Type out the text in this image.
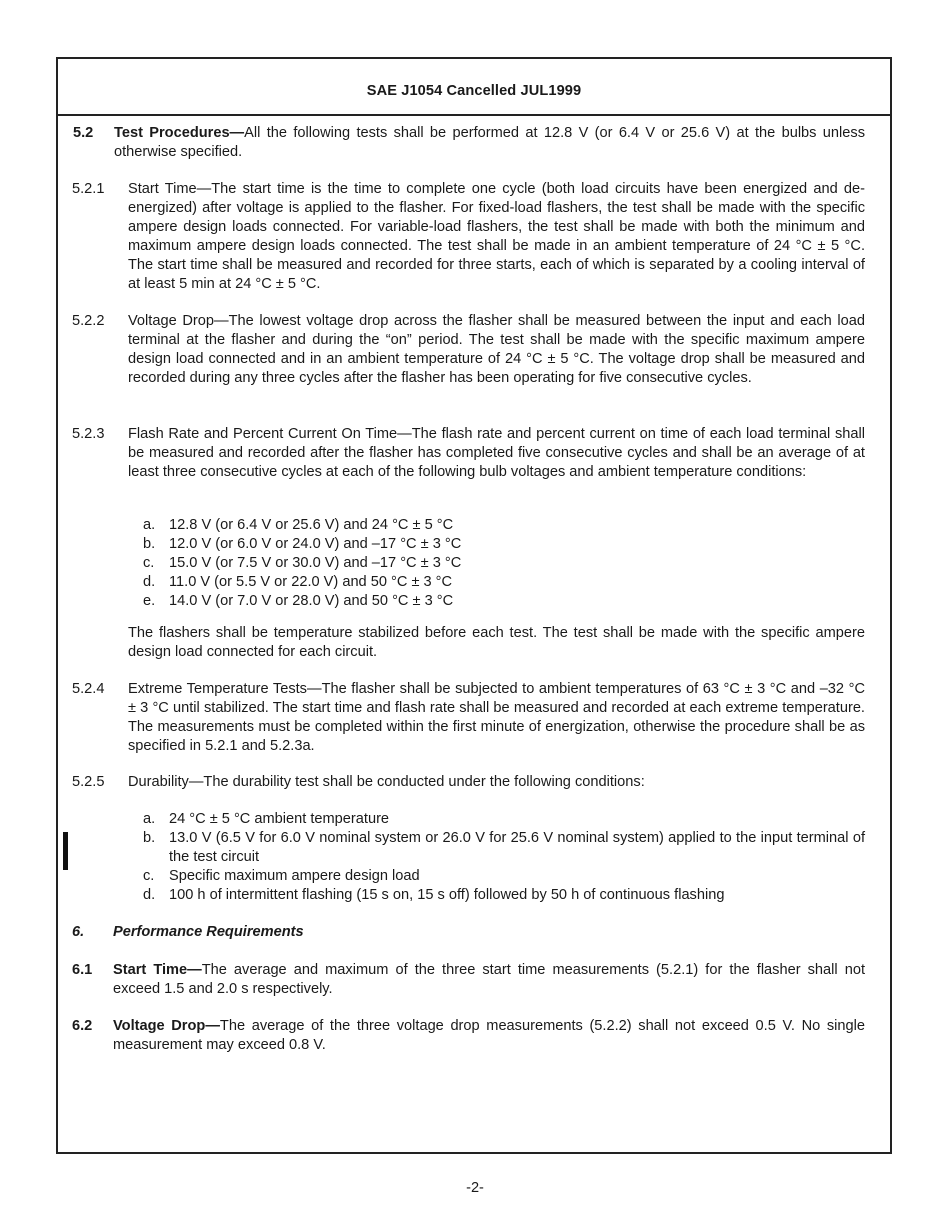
SAE J1054 Cancelled JUL1999

5.2 Test Procedures—All the following tests shall be performed at 12.8 V (or 6.4 V or 25.6 V) at the bulbs unless otherwise specified.

5.2.1 Start Time—The start time is the time to complete one cycle (both load circuits have been energized and de-energized) after voltage is applied to the flasher. For fixed-load flashers, the test shall be made with the specific ampere design loads connected. For variable-load flashers, the test shall be made with both the minimum and maximum ampere design loads connected. The test shall be made in an ambient temperature of 24 °C ± 5 °C. The start time shall be measured and recorded for three starts, each of which is separated by a cooling interval of at least 5 min at 24 °C ± 5 °C.

5.2.2 Voltage Drop—The lowest voltage drop across the flasher shall be measured between the input and each load terminal at the flasher and during the “on” period. The test shall be made with the specific maximum ampere design load connected and in an ambient temperature of 24 °C ± 5 °C. The voltage drop shall be measured and recorded during any three cycles after the flasher has been operating for five consecutive cycles.

5.2.3 Flash Rate and Percent Current On Time—The flash rate and percent current on time of each load terminal shall be measured and recorded after the flasher has completed five consecutive cycles and shall be an average of at least three consecutive cycles at each of the following bulb voltages and ambient temperature conditions:

a. 12.8 V (or 6.4 V or 25.6 V) and 24 °C ± 5 °C
b. 12.0 V (or 6.0 V or 24.0 V) and –17 °C ± 3 °C
c. 15.0 V (or 7.5 V or 30.0 V) and –17 °C ± 3 °C
d. 11.0 V (or 5.5 V or 22.0 V) and 50 °C ± 3 °C
e. 14.0 V (or 7.0 V or 28.0 V) and 50 °C ± 3 °C

The flashers shall be temperature stabilized before each test. The test shall be made with the specific ampere design load connected for each circuit.

5.2.4 Extreme Temperature Tests—The flasher shall be subjected to ambient temperatures of 63 °C ± 3 °C and –32 °C ± 3 °C until stabilized. The start time and flash rate shall be measured and recorded at each extreme temperature. The measurements must be completed within the first minute of energization, otherwise the procedure shall be as specified in 5.2.1 and 5.2.3a.

5.2.5 Durability—The durability test shall be conducted under the following conditions:

a. 24 °C ± 5 °C ambient temperature
b. 13.0 V (6.5 V for 6.0 V nominal system or 26.0 V for 25.6 V nominal system) applied to the input terminal of the test circuit
c. Specific maximum ampere design load
d. 100 h of intermittent flashing (15 s on, 15 s off) followed by 50 h of continuous flashing

6. Performance Requirements

6.1 Start Time—The average and maximum of the three start time measurements (5.2.1) for the flasher shall not exceed 1.5 and 2.0 s respectively.

6.2 Voltage Drop—The average of the three voltage drop measurements (5.2.2) shall not exceed 0.5 V. No single measurement may exceed 0.8 V.

-2-
